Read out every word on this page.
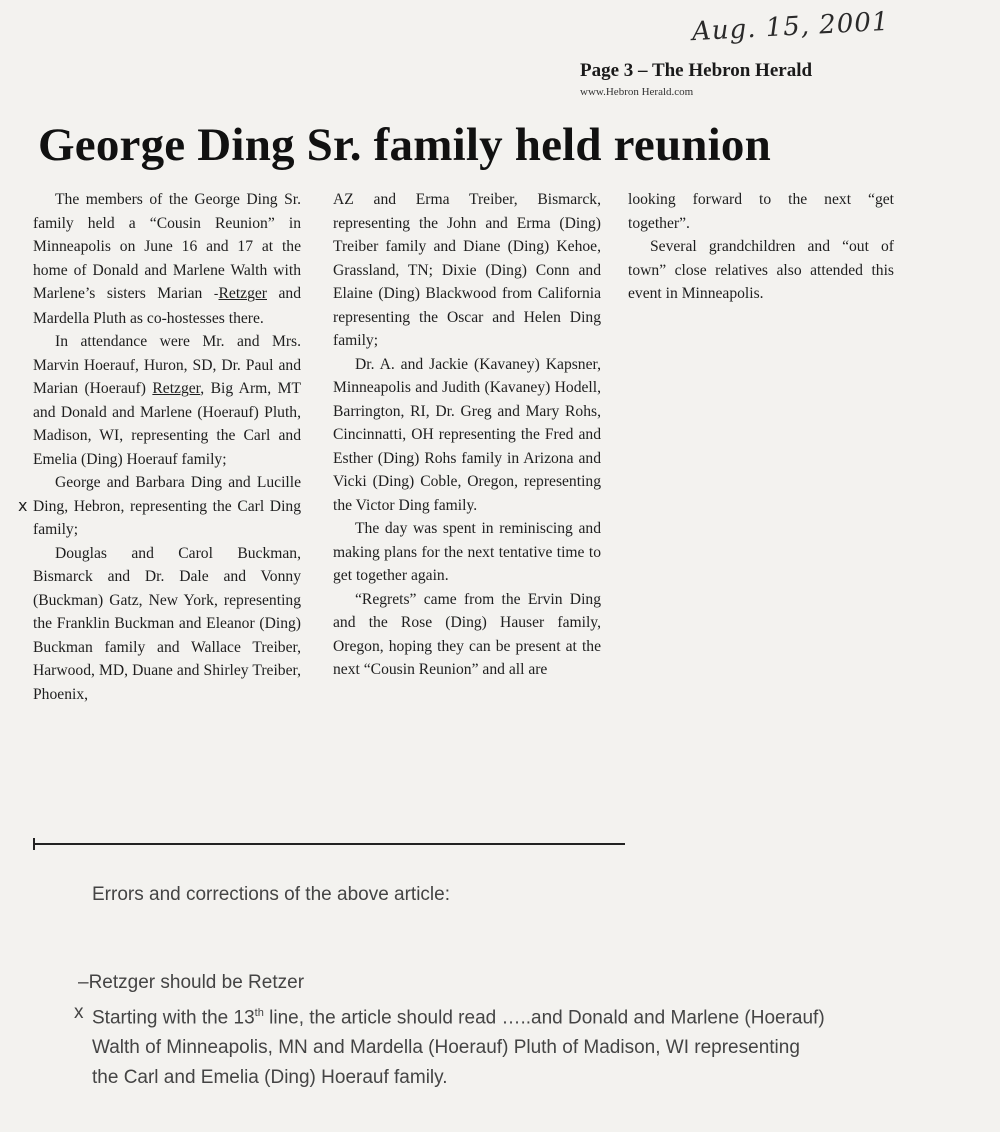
Aug. 15, 2001
Page 3 – The Hebron Herald
www.Hebron Herald.com
George Ding Sr. family held reunion

The members of the George Ding Sr. family held a “Cousin Reunion” in Minneapolis on June 16 and 17 at the home of Donald and Marlene Walth with Marlene’s sisters Marian -Retzger and Mardella Pluth as co-hostesses there.

In attendance were Mr. and Mrs. Marvin Hoerauf, Huron, SD, Dr. Paul and Marian (Hoerauf) Retzger, Big Arm, MT and Donald and Marlene (Hoerauf) Pluth, Madison, WI, representing the Carl and Emelia (Ding) Hoerauf family;

George and Barbara Ding and Lucille Ding, Hebron, representing the Carl Ding family;

Douglas and Carol Buckman, Bismarck and Dr. Dale and Vonny (Buckman) Gatz, New York, representing the Franklin Buckman and Eleanor (Ding) Buckman family and Wallace Treiber, Harwood, MD, Duane and Shirley Treiber, Phoenix,

x

AZ and Erma Treiber, Bismarck, representing the John and Erma (Ding) Treiber family and Diane (Ding) Kehoe, Grassland, TN; Dixie (Ding) Conn and Elaine (Ding) Blackwood from California representing the Oscar and Helen Ding family;

Dr. A. and Jackie (Kavaney) Kapsner, Minneapolis and Judith (Kavaney) Hodell, Barrington, RI, Dr. Greg and Mary Rohs, Cincinnatti, OH representing the Fred and Esther (Ding) Rohs family in Arizona and Vicki (Ding) Coble, Oregon, representing the Victor Ding family.

The day was spent in reminiscing and making plans for the next tentative time to get together again.

“Regrets” came from the Ervin Ding and the Rose (Ding) Hauser family, Oregon, hoping they can be present at the next “Cousin Reunion” and all are

looking forward to the next “get together”.

Several grandchildren and “out of town” close relatives also attended this event in Minneapolis.

Errors and corrections of the above article:

–Retzger should be Retzer

x Starting with the 13th line, the article should read …..and Donald and Marlene (Hoerauf)

Walth of Minneapolis, MN and Mardella (Hoerauf) Pluth of Madison, WI representing

the Carl and Emelia (Ding) Hoerauf family.
